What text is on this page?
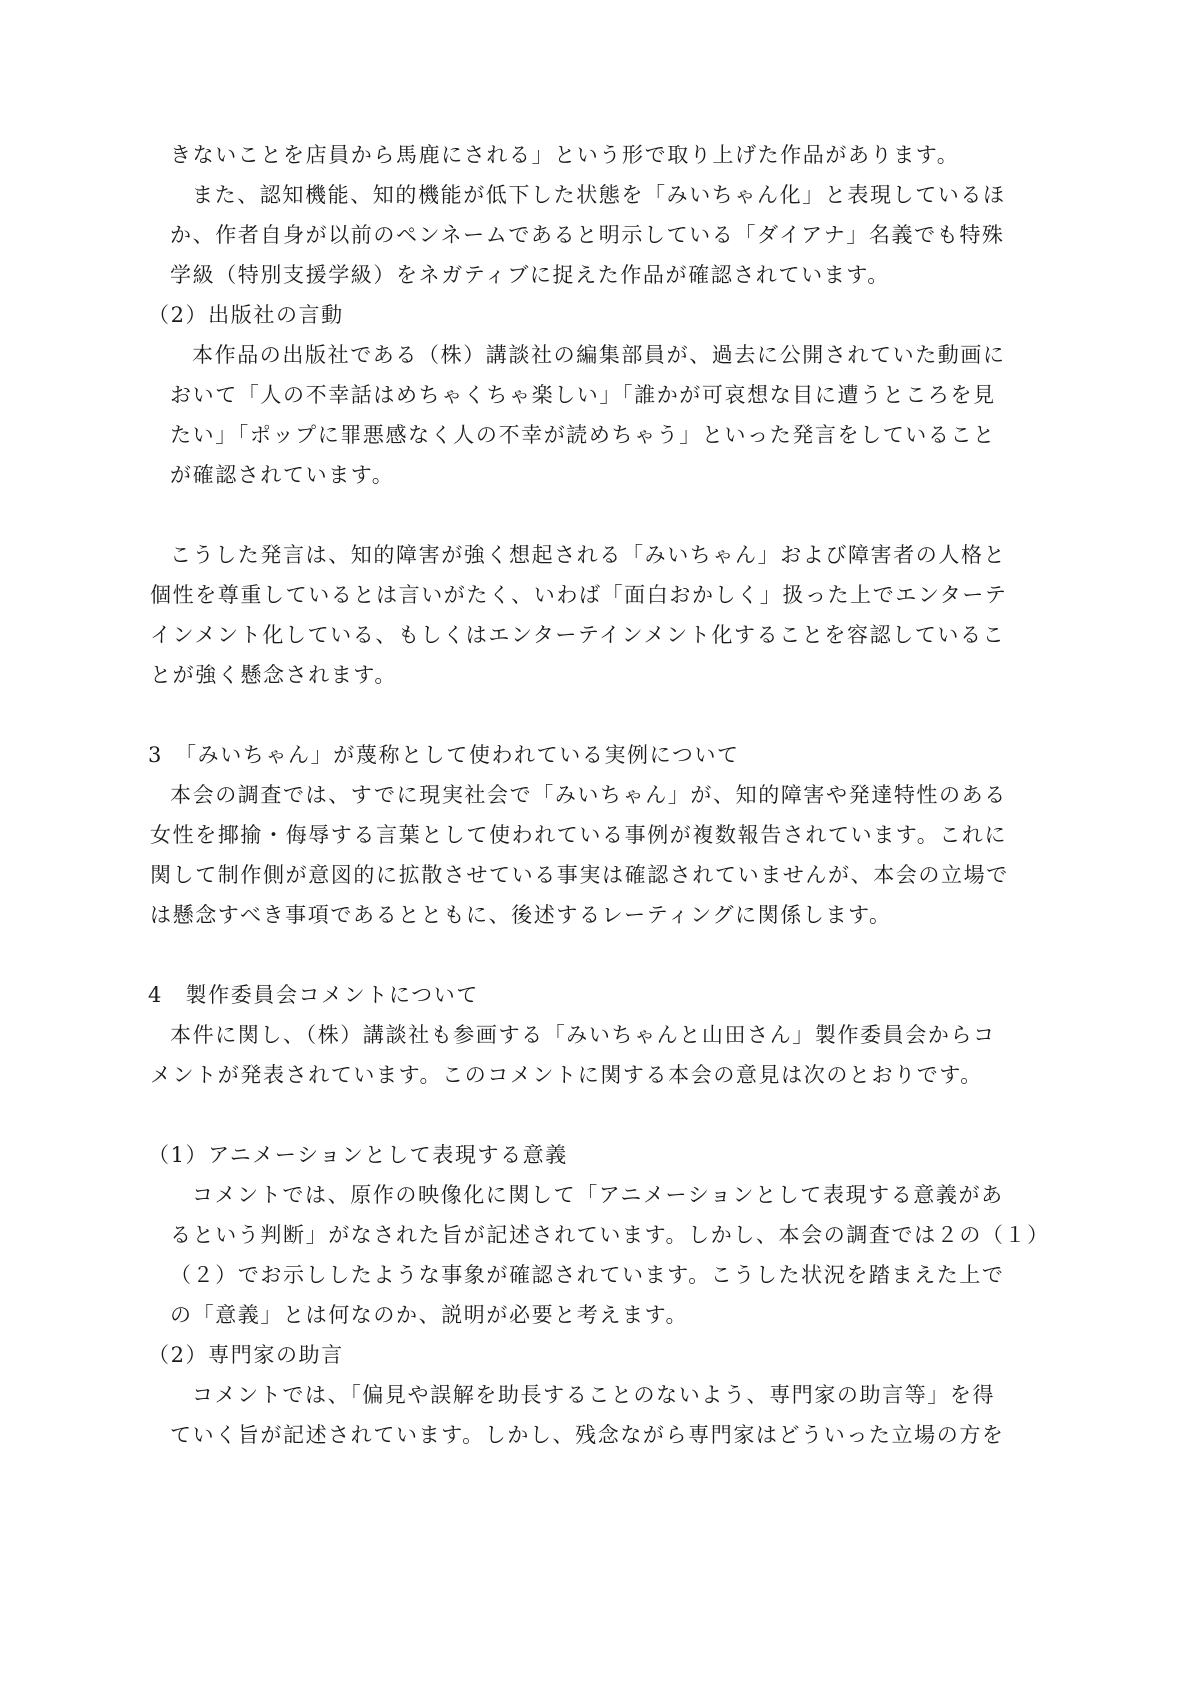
きないことを店員から馬鹿にされる」という形で取り上げた作品があります。
また、認知機能、知的機能が低下した状態を「みいちゃん化」と表現しているほ
か、作者自身が以前のペンネームであると明示している「ダイアナ」名義でも特殊
学級（特別支援学級）をネガティブに捉えた作品が確認されています。
（2）出版社の言動
本作品の出版社である（株）講談社の編集部員が、過去に公開されていた動画に
おいて「人の不幸話はめちゃくちゃ楽しい」「誰かが可哀想な目に遭うところを見
たい」「ポップに罪悪感なく人の不幸が読めちゃう」といった発言をしていること
が確認されています。
こうした発言は、知的障害が強く想起される「みいちゃん」および障害者の人格と
個性を尊重しているとは言いがたく、いわば「面白おかしく」扱った上でエンターテ
インメント化している、もしくはエンターテインメント化することを容認しているこ
とが強く懸念されます。
3　「みいちゃん」が蔑称として使われている実例について
本会の調査では、すでに現実社会で「みいちゃん」が、知的障害や発達特性のある
女性を揶揄・侮辱する言葉として使われている事例が複数報告されています。これに
関して制作側が意図的に拡散させている事実は確認されていませんが、本会の立場で
は懸念すべき事項であるとともに、後述するレーティングに関係します。
4　製作委員会コメントについて
本件に関し、（株）講談社も参画する「みいちゃんと山田さん」製作委員会からコ
メントが発表されています。このコメントに関する本会の意見は次のとおりです。
（1）アニメーションとして表現する意義
コメントでは、原作の映像化に関して「アニメーションとして表現する意義があ
るという判断」がなされた旨が記述されています。しかし、本会の調査では２の（１）
（２）でお示ししたような事象が確認されています。こうした状況を踏まえた上で
の「意義」とは何なのか、説明が必要と考えます。
（2）専門家の助言
コメントでは、「偏見や誤解を助長することのないよう、専門家の助言等」を得
ていく旨が記述されています。しかし、残念ながら専門家はどういった立場の方を
